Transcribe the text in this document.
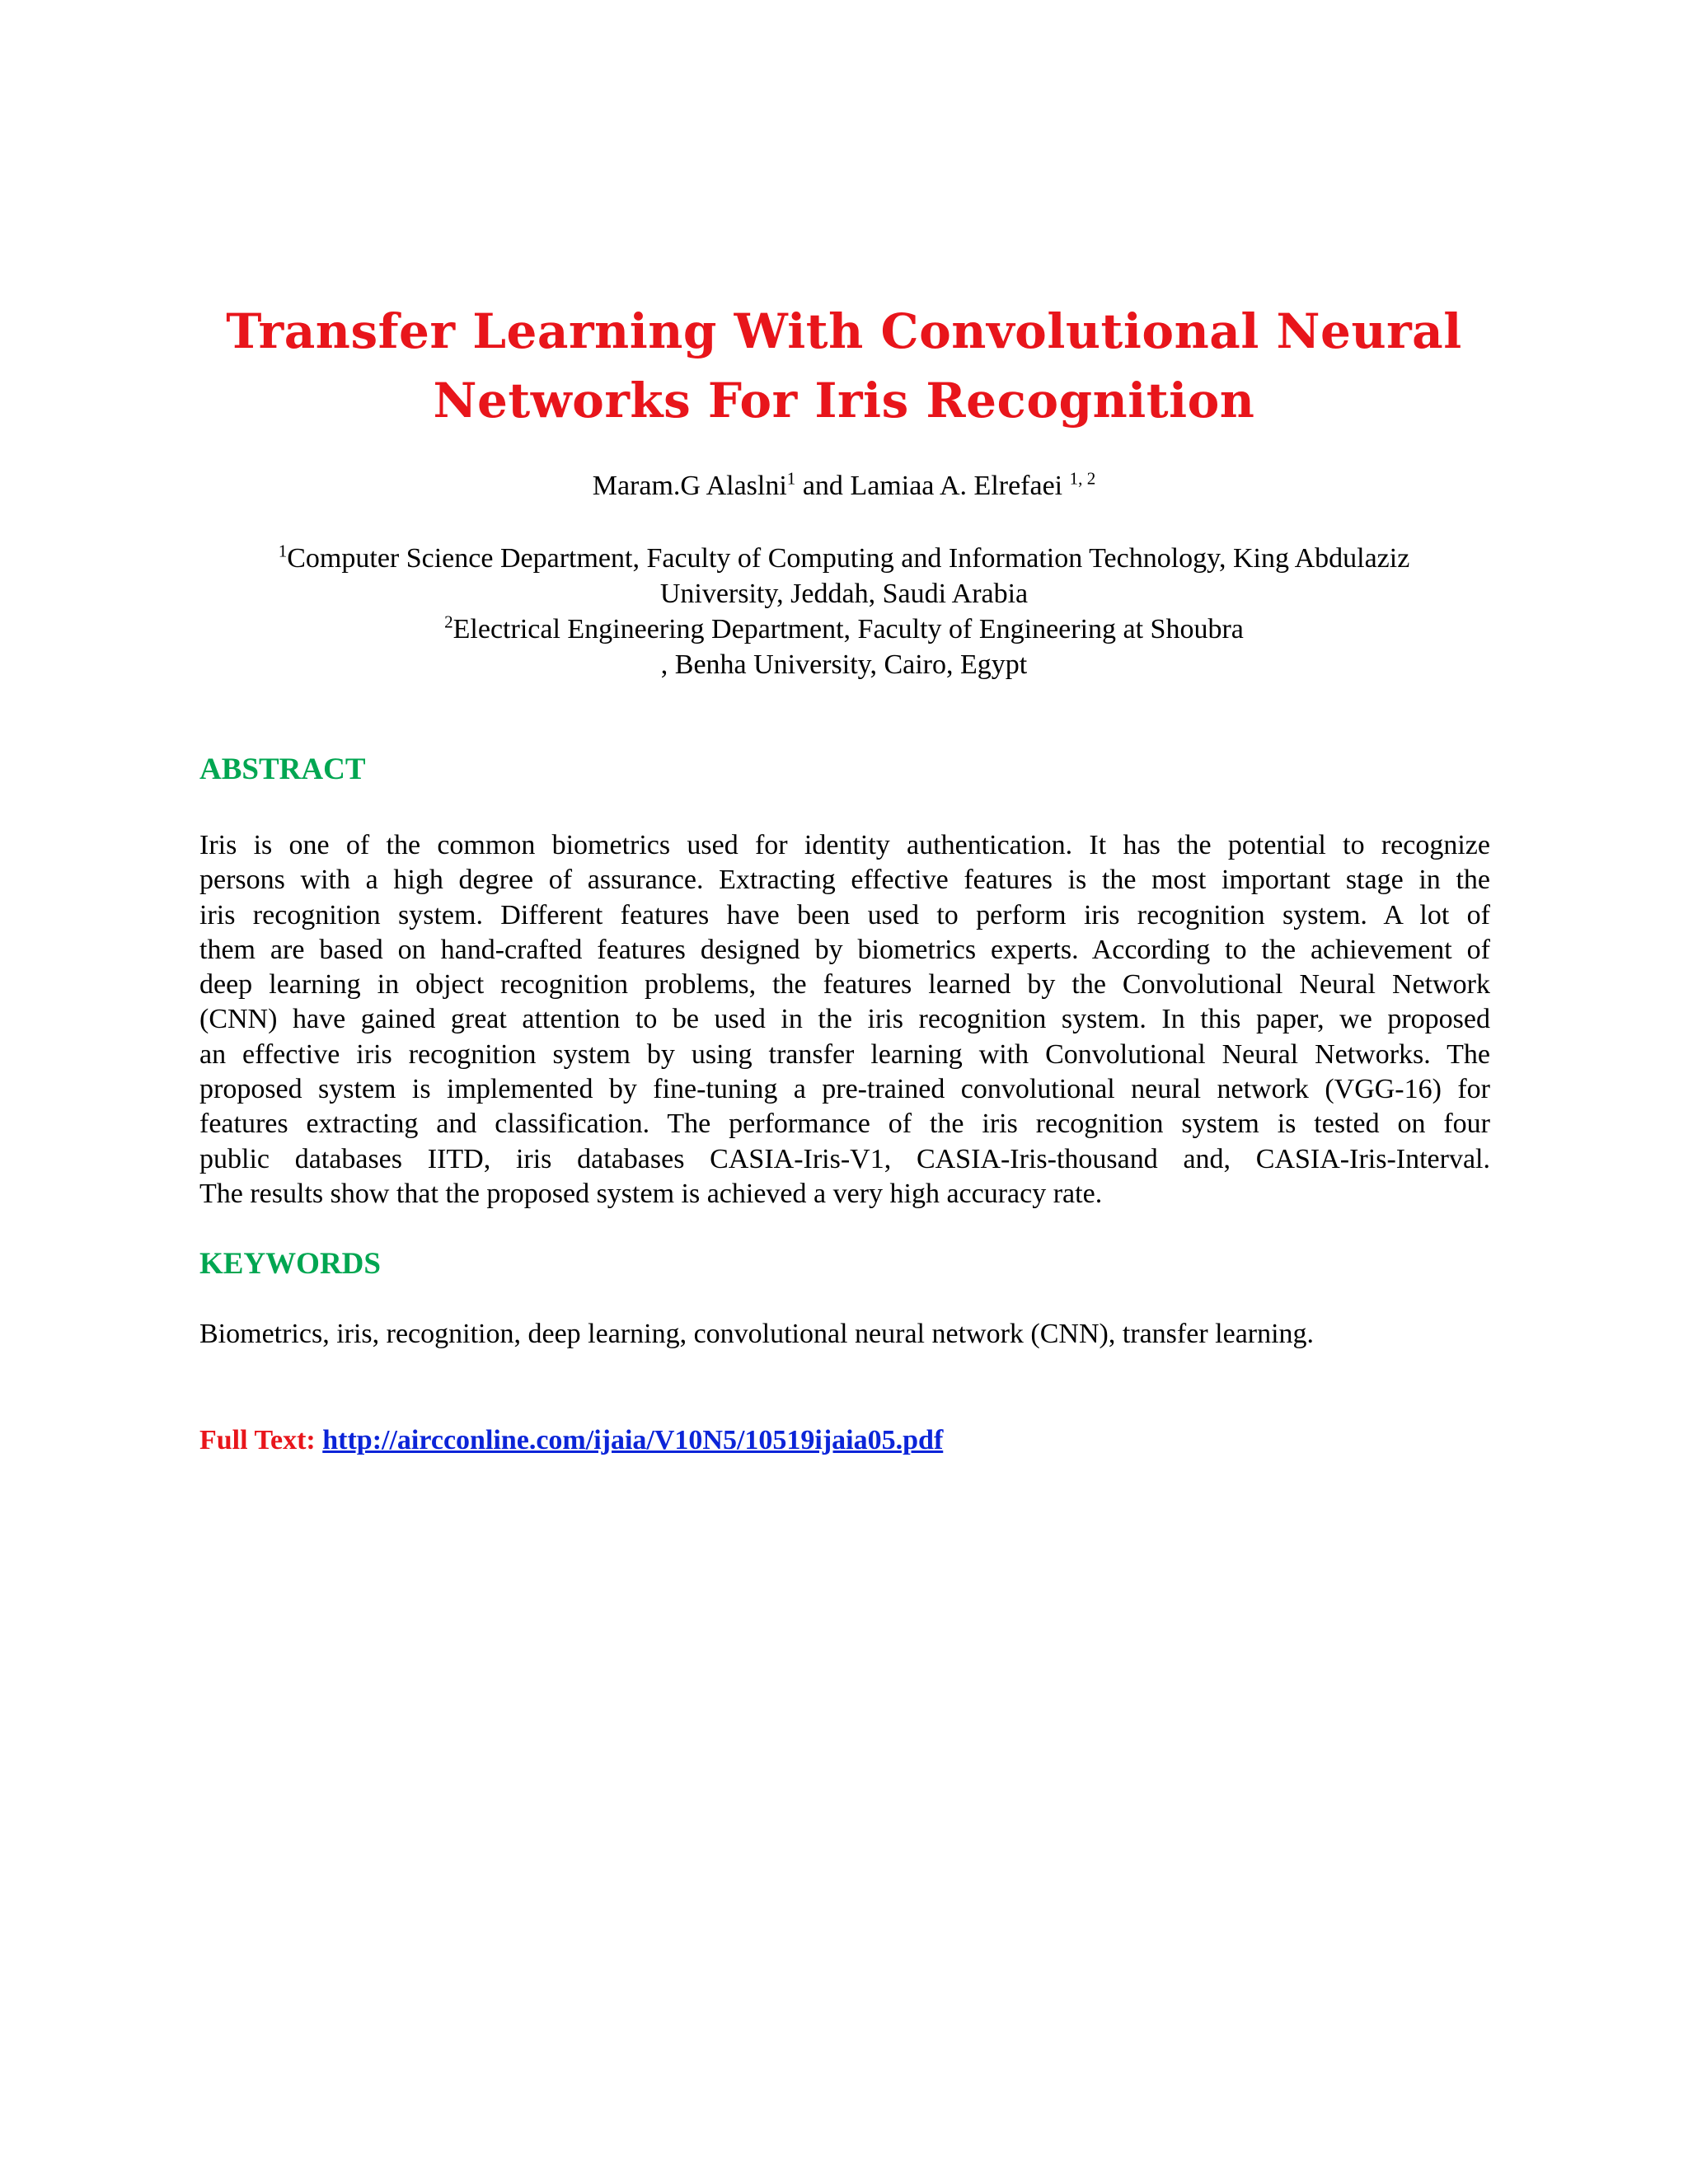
Transfer Learning With Convolutional Neural
Networks For Iris Recognition
Maram.G Alaslni$^1$ and Lamiaa A. Elrefaei $^{1, 2}$
$^1$Computer Science Department, Faculty of Computing and Information Technology, King Abdulaziz
University, Jeddah, Saudi Arabia
$^2$Electrical Engineering Department, Faculty of Engineering at Shoubra
, Benha University, Cairo, Egypt
ABSTRACT
Iris is one of the common biometrics used for identity authentication. It has the potential to recognize
persons with a high degree of assurance. Extracting effective features is the most important stage in the
iris recognition system. Different features have been used to perform iris recognition system. A lot of
them are based on hand-crafted features designed by biometrics experts. According to the achievement of
deep learning in object recognition problems, the features learned by the Convolutional Neural Network
(CNN) have gained great attention to be used in the iris recognition system. In this paper, we proposed
an effective iris recognition system by using transfer learning with Convolutional Neural Networks. The
proposed system is implemented by fine-tuning a pre-trained convolutional neural network (VGG-16) for
features extracting and classification. The performance of the iris recognition system is tested on four
public databases IITD, iris databases CASIA-Iris-V1, CASIA-Iris-thousand and, CASIA-Iris-Interval.
The results show that the proposed system is achieved a very high accuracy rate.
KEYWORDS
Biometrics, iris, recognition, deep learning, convolutional neural network (CNN), transfer learning.
Full Text: http://aircconline.com/ijaia/V10N5/10519ijaia05.pdf
